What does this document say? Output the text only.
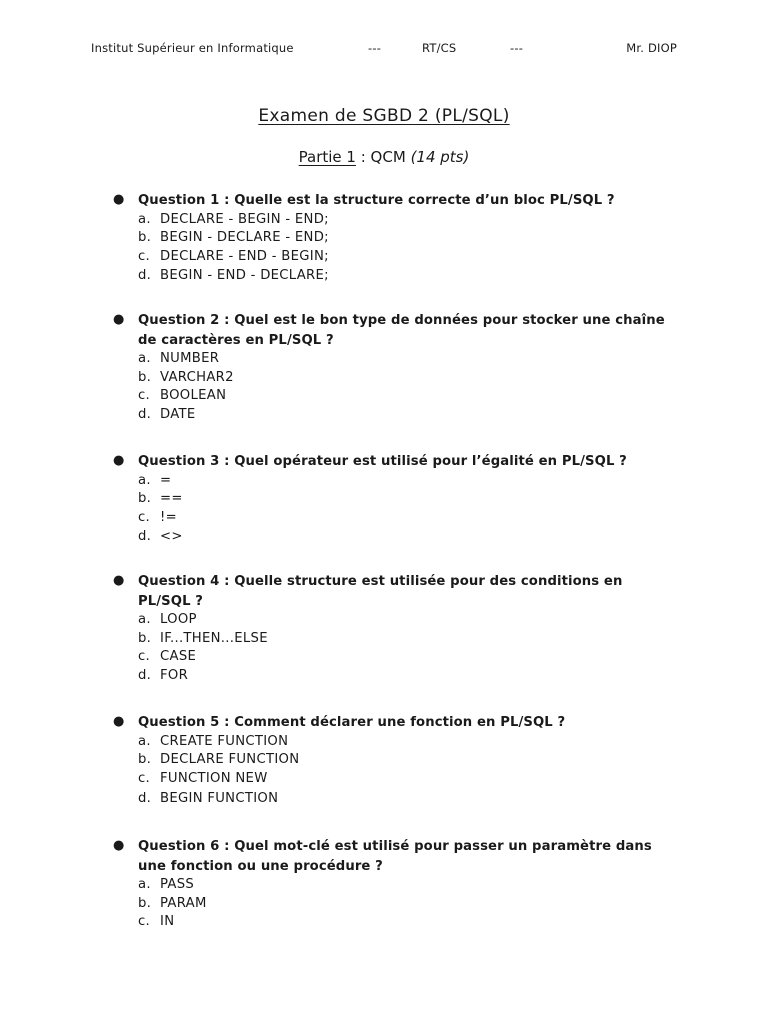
Institut Supérieur en Informatique	---	RT/CS	---	Mr. DIOP
Examen de SGBD 2 (PL/SQL)
Partie 1 : QCM (14 pts)
● Question 1 : Quelle est la structure correcte d’un bloc PL/SQL ?
a. DECLARE - BEGIN - END;
b. BEGIN - DECLARE - END;
c. DECLARE - END - BEGIN;
d. BEGIN - END - DECLARE;
● Question 2 : Quel est le bon type de données pour stocker une chaîne de caractères en PL/SQL ?
a. NUMBER
b. VARCHAR2
c. BOOLEAN
d. DATE
● Question 3 : Quel opérateur est utilisé pour l’égalité en PL/SQL ?
a. =
b. ==
c. !=
d. <>
● Question 4 : Quelle structure est utilisée pour des conditions en PL/SQL ?
a. LOOP
b. IF...THEN...ELSE
c. CASE
d. FOR
● Question 5 : Comment déclarer une fonction en PL/SQL ?
a. CREATE FUNCTION
b. DECLARE FUNCTION
c. FUNCTION NEW
d. BEGIN FUNCTION
● Question 6 : Quel mot-clé est utilisé pour passer un paramètre dans une fonction ou une procédure ?
a. PASS
b. PARAM
c. IN
